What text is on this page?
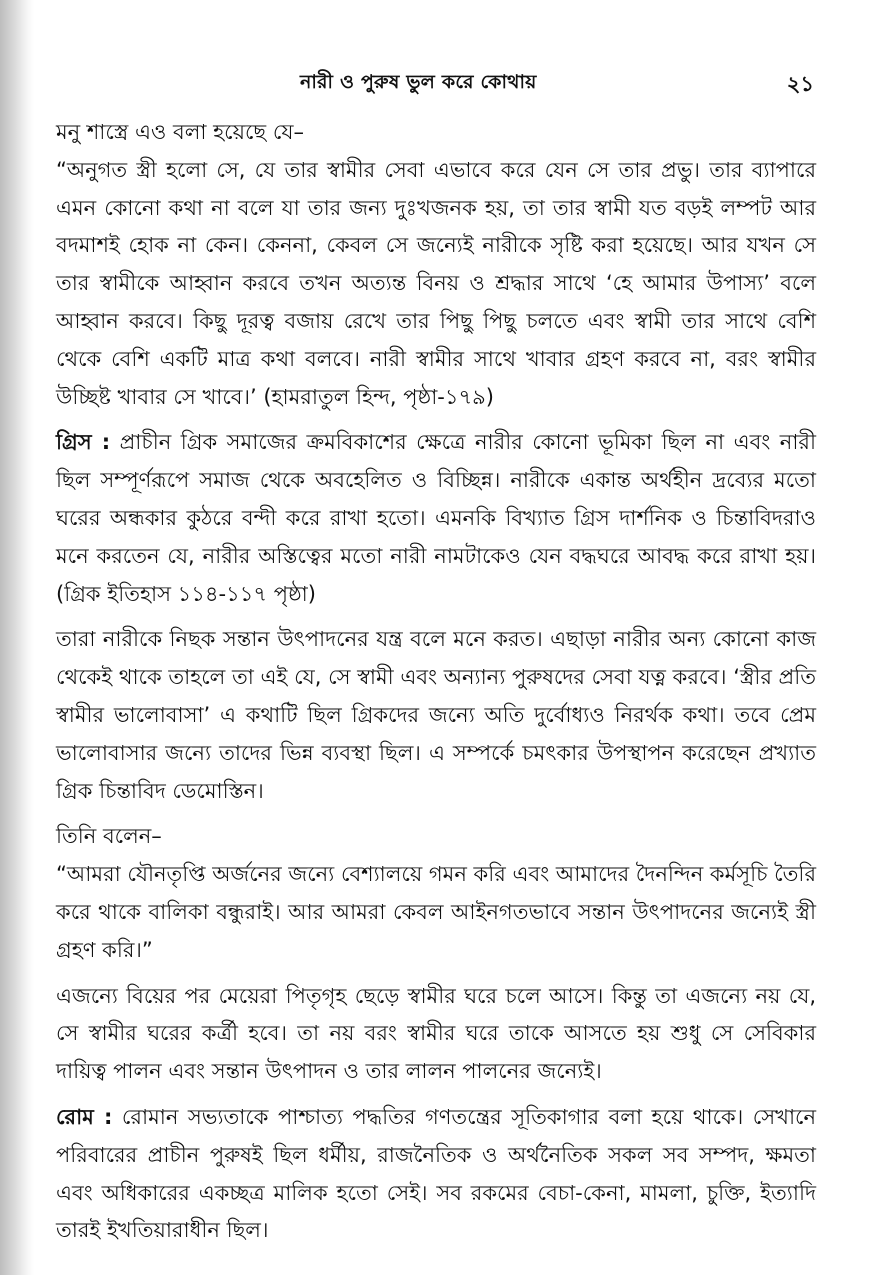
নারী ও পুরুষ ভুল করে কোথায়	২১

মনু শাস্ত্রে এও বলা হয়েছে যে–

“অনুগত স্ত্রী হলো সে, যে তার স্বামীর সেবা এভাবে করে যেন সে তার প্রভু। তার ব্যাপারে এমন কোনো কথা না বলে যা তার জন্য দুঃখজনক হয়, তা তার স্বামী যত বড়ই লম্পট আর বদমাশই হোক না কেন। কেননা, কেবল সে জন্যেই নারীকে সৃষ্টি করা হয়েছে। আর যখন সে তার স্বামীকে আহ্বান করবে তখন অত্যন্ত বিনয় ও শ্রদ্ধার সাথে ‘হে আমার উপাস্য’ বলে আহ্বান করবে। কিছু দূরত্ব বজায় রেখে তার পিছু পিছু চলতে এবং স্বামী তার সাথে বেশি থেকে বেশি একটি মাত্র কথা বলবে। নারী স্বামীর সাথে খাবার গ্রহণ করবে না, বরং স্বামীর উচ্ছিষ্ট খাবার সে খাবে।’ (হামরাতুল হিন্দ, পৃষ্ঠা-১৭৯)

গ্রিস : প্রাচীন গ্রিক সমাজের ক্রমবিকাশের ক্ষেত্রে নারীর কোনো ভূমিকা ছিল না এবং নারী ছিল সম্পূর্ণরূপে সমাজ থেকে অবহেলিত ও বিচ্ছিন্ন। নারীকে একান্ত অর্থহীন দ্রব্যের মতো ঘরের অন্ধকার কুঠরে বন্দী করে রাখা হতো। এমনকি বিখ্যাত গ্রিস দার্শনিক ও চিন্তাবিদরাও মনে করতেন যে, নারীর অস্তিত্বের মতো নারী নামটাকেও যেন বদ্ধঘরে আবদ্ধ করে রাখা হয়। (গ্রিক ইতিহাস ১১৪-১১৭ পৃষ্ঠা)

তারা নারীকে নিছক সন্তান উৎপাদনের যন্ত্র বলে মনে করত। এছাড়া নারীর অন্য কোনো কাজ থেকেই থাকে তাহলে তা এই যে, সে স্বামী এবং অন্যান্য পুরুষদের সেবা যত্ন করবে। ‘স্ত্রীর প্রতি স্বামীর ভালোবাসা’ এ কথাটি ছিল গ্রিকদের জন্যে অতি দুর্বোধ্যও নিরর্থক কথা। তবে প্রেম ভালোবাসার জন্যে তাদের ভিন্ন ব্যবস্থা ছিল। এ সম্পর্কে চমৎকার উপস্থাপন করেছেন প্রখ্যাত গ্রিক চিন্তাবিদ ডেমোস্তিন।

তিনি বলেন–

“আমরা যৌনতৃপ্তি অর্জনের জন্যে বেশ্যালয়ে গমন করি এবং আমাদের দৈনন্দিন কর্মসূচি তৈরি করে থাকে বালিকা বন্ধুরাই। আর আমরা কেবল আইনগতভাবে সন্তান উৎপাদনের জন্যেই স্ত্রী গ্রহণ করি।”

এজন্যে বিয়ের পর মেয়েরা পিতৃগৃহ ছেড়ে স্বামীর ঘরে চলে আসে। কিন্তু তা এজন্যে নয় যে, সে স্বামীর ঘরের কর্ত্রী হবে। তা নয় বরং স্বামীর ঘরে তাকে আসতে হয় শুধু সে সেবিকার দায়িত্ব পালন এবং সন্তান উৎপাদন ও তার লালন পালনের জন্যেই।

রোম : রোমান সভ্যতাকে পাশ্চাত্য পদ্ধতির গণতন্ত্রের সূতিকাগার বলা হয়ে থাকে। সেখানে পরিবারের প্রাচীন পুরুষই ছিল ধর্মীয়, রাজনৈতিক ও অর্থনৈতিক সকল সব সম্পদ, ক্ষমতা এবং অধিকারের একচ্ছত্র মালিক হতো সেই। সব রকমের বেচা-কেনা, মামলা, চুক্তি, ইত্যাদি তারই ইখতিয়ারাধীন ছিল।
